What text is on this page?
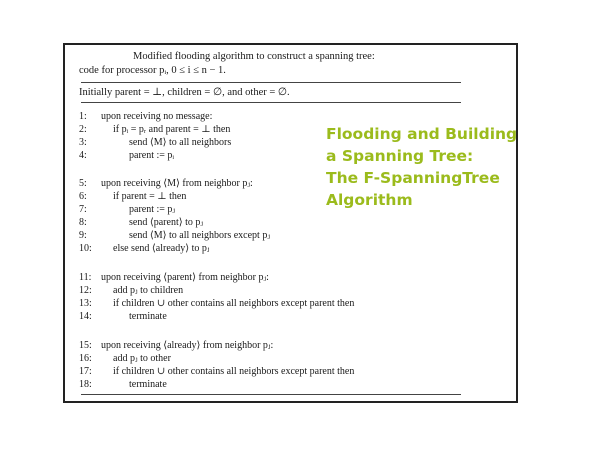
Modified flooding algorithm to construct a spanning tree:
code for processor pᵢ, 0 ≤ i ≤ n − 1.
Initially parent = ⊥, children = ∅, and other = ∅.
1: upon receiving no message:
2:	if pᵢ = pᵣ and parent = ⊥ then
3:	send ⟨M⟩ to all neighbors
4:	parent := pᵢ
5: upon receiving ⟨M⟩ from neighbor pⱼ:
6:	if parent = ⊥ then
7:	parent := pⱼ
8:	send ⟨parent⟩ to pⱼ
9:	send ⟨M⟩ to all neighbors except pⱼ
10: else send ⟨already⟩ to pⱼ
11: upon receiving ⟨parent⟩ from neighbor pⱼ:
12: add pⱼ to children
13: if children ∪ other contains all neighbors except parent then
14:	terminate
15: upon receiving ⟨already⟩ from neighbor pⱼ:
16: add pⱼ to other
17: if children ∪ other contains all neighbors except parent then
18:	terminate
Flooding and Building
a Spanning Tree:
The F-SpanningTree
Algorithm
